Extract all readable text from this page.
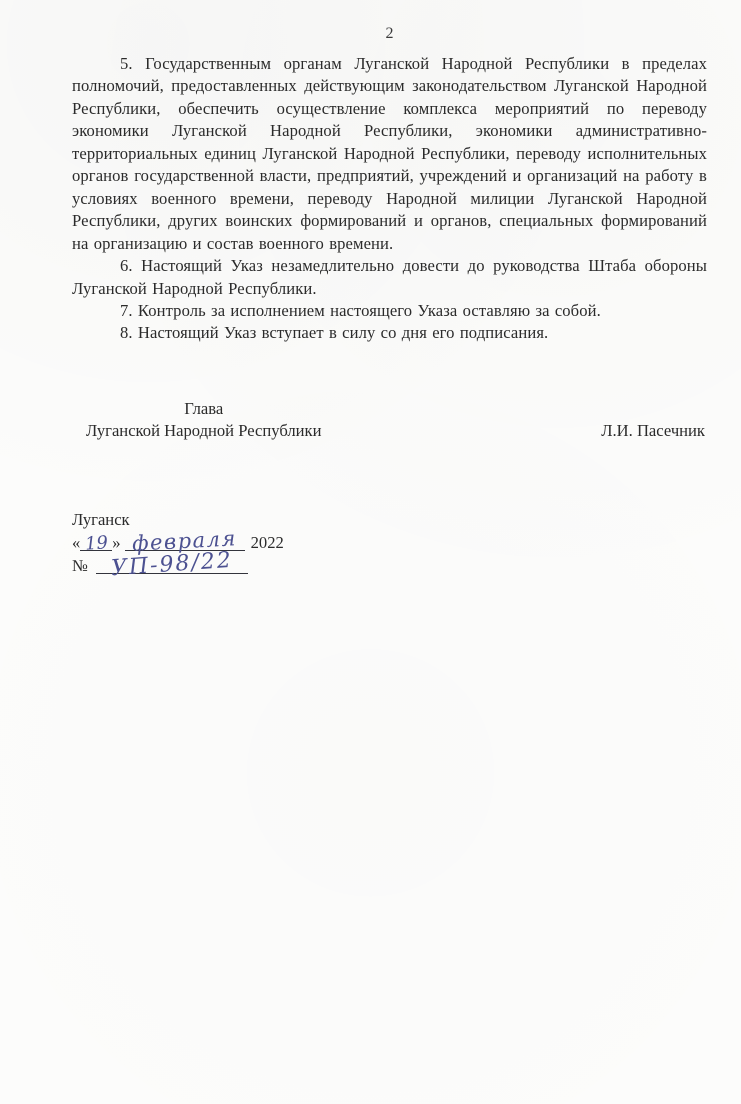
2

5. Государственным органам Луганской Народной Республики в пределах полномочий, предоставленных действующим законодательством Луганской Народной Республики, обеспечить осуществление комплекса мероприятий по переводу экономики Луганской Народной Республики, экономики административно-территориальных единиц Луганской Народной Республики, переводу исполнительных органов государственной власти, предприятий, учреждений и организаций на работу в условиях военного времени, переводу Народной милиции Луганской Народной Республики, других воинских формирований и органов, специальных формирований на организацию и состав военного времени.

6. Настоящий Указ незамедлительно довести до руководства Штаба обороны Луганской Народной Республики.

7. Контроль за исполнением настоящего Указа оставляю за собой.

8. Настоящий Указ вступает в силу со дня его подписания.

Глава
Луганской Народной Республики	Л.И. Пасечник

Луганск

« 19 » февраля 2022

№ УП-98/22
